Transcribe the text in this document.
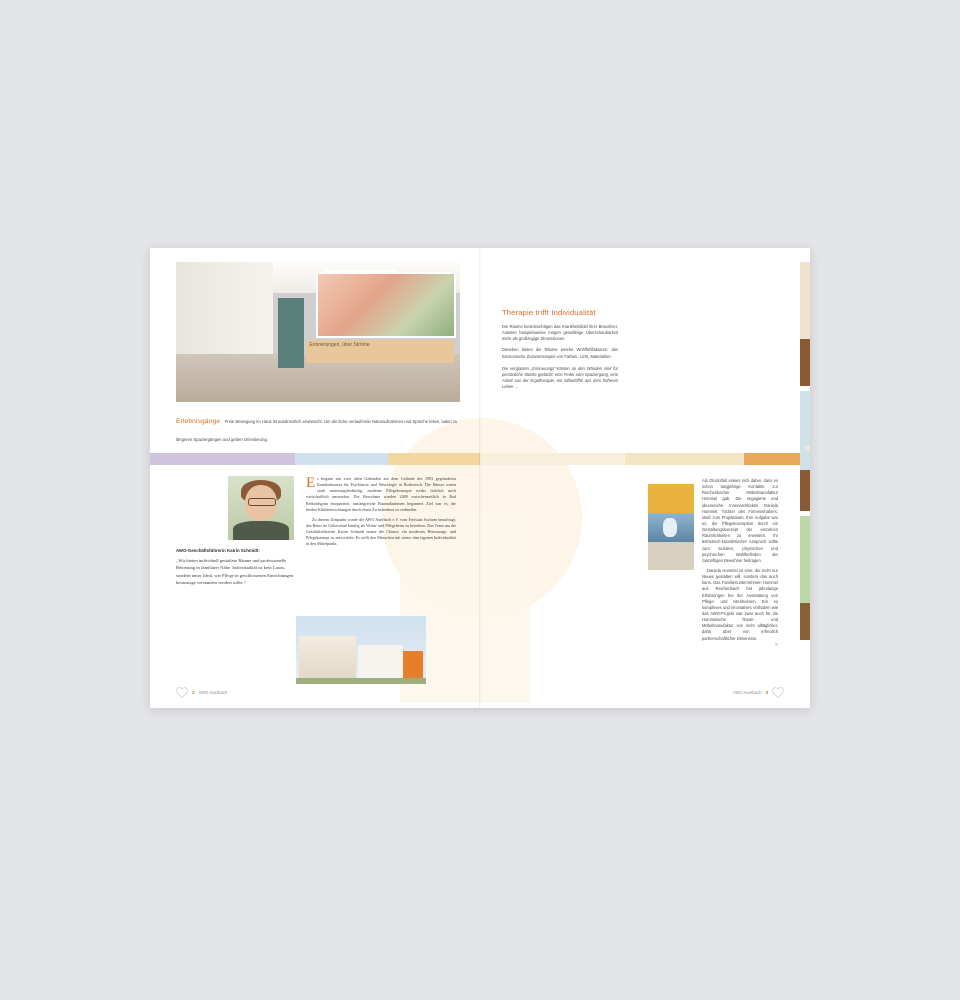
Erinnerungen, über Ströme
Erlebnisgänge Freie Bewegung im Haus ist ausdrücklich erwünscht. Um die Ecke verlaufende Naturaufnahmen und Sprüche leiten, laden zu längeren Spaziergängen und geben Orientierung.
AWO-Geschäftsführerin Katrin Schmidt:
„Wir bieten individuell gestaltete Räume und professionelle Betreuung in familiärer Nähe. Individualität ist kein Luxus, sondern unser Ideal, wie Pflege in geschlossenen Einrichtungen heutzutage verstanden werden sollte.“
E s begann mit zwei alten Gebäuden auf dem Gelände des 1893 gegründeten Krankenhauses für Psychiatrie und Neurologie in Rodewisch. Die Häuser waren stark sanierungsbedürftig, moderne Pflegekonzepte weder fachlich noch wirtschaftlich umsetzbar. Die Bewohner wurden 2009 zwischenzeitlich in Bad Reiboldsgrün einquartiert, umfangreiche Baumaßnahmen begannen. Ziel war es, die beiden Klinikeinrichtungen durch einen Zwischenbau zu verbinden.
Zu diesem Zeitpunkt wurde die AWO Auerbach e.V. vom Freistaat Sachsen beauftragt, das Heim im Göltzschtal künftig als Wohn- und Pflegeheim zu betreiben. Das Team um die Geschäftsführerin Katrin Schmidt nutzte die Chance, ein modernes Betreuungs- und Pflegekonzept zu entwickeln. Es stellt den Menschen mit seiner ihm eigenen Individualität in den Mittelpunkt.
2 AWO Auerbach
Therapie trifft Individualität
Die Räume berücksichtigen das Krankheitsbild ihrer Bewohner. Autisten beispielsweise mögen geradlinige Überschaubarkeit mehr als großzügige Dimensionen.
Daneben bieten die Räume weiche Wohlfühlfaktoren: das harmonische Zusammenspiel von Farben, Licht, Materialien.
Die verglasten „Erinnerungs“-Kästen an den Wänden sind für persönliche Stücke gedacht: eine Feder vom Spaziergang, eine Arbeit aus der Ergotherapie, ein Silberlöffel aus dem früheren Leben ...
Als Glücksfall erwies sich dabei, dass es schon langjährige Kontakte zur Reichenbacher Möbelmanufaktur Hommel gab. Die engagierte und ideenreiche Innenarchitektin Daniela Hommel, Tochter des Firmeninhabers, stieß zum Projektteam. Ihre Aufgabe war es, die Pflegekonzeption durch ein Gestaltungskonzept der einzelnen Räumlichkeiten zu erweitern. Ihr ästhetisch-künstlerischer Anspruch sollte zum sozialen, physischen und psychischen Wohlbefinden der zukünftigen Bewohner beitragen.
Daniela Hommel ist eine, die nicht nur Neues gestalten will, sondern das auch kann. Das Familienunternehmen Hommel aus Reichenbach hat jahrelange Erfahrungen bei der Ausstattung von Pflege- und Altenheimen. Ein so komplexes und innovatives Vorhaben wie das AWO-Projekt war zwar auch für die Hommelsche Raum- und Möbelmanufaktur von nicht alltäglicher, dafür aber von erfreulich partnerschaftlicher Dimension.
»
AWO Auerbach 3
